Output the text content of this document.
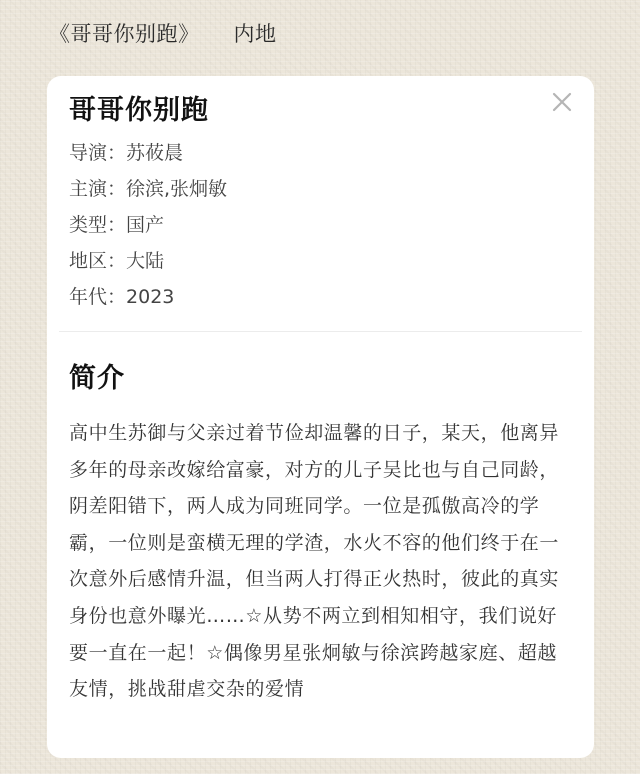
《哥哥你别跑》 内地
哥哥你别跑
导演： 苏莜晨
主演： 徐滨,张炯敏
类型： 国产
地区： 大陆
年代： 2023
简介

高中生苏御与父亲过着节俭却温馨的日子，某天，他离异多年的母亲改嫁给富豪，对方的儿子吴比也与自己同龄，阴差阳错下，两人成为同班同学。一位是孤傲高冷的学霸，一位则是蛮横无理的学渣，水火不容的他们终于在一次意外后感情升温，但当两人打得正火热时，彼此的真实身份也意外曝光……☆从势不两立到相知相守，我们说好要一直在一起！☆偶像男星张炯敏与徐滨跨越家庭、超越友情，挑战甜虐交杂的爱情
